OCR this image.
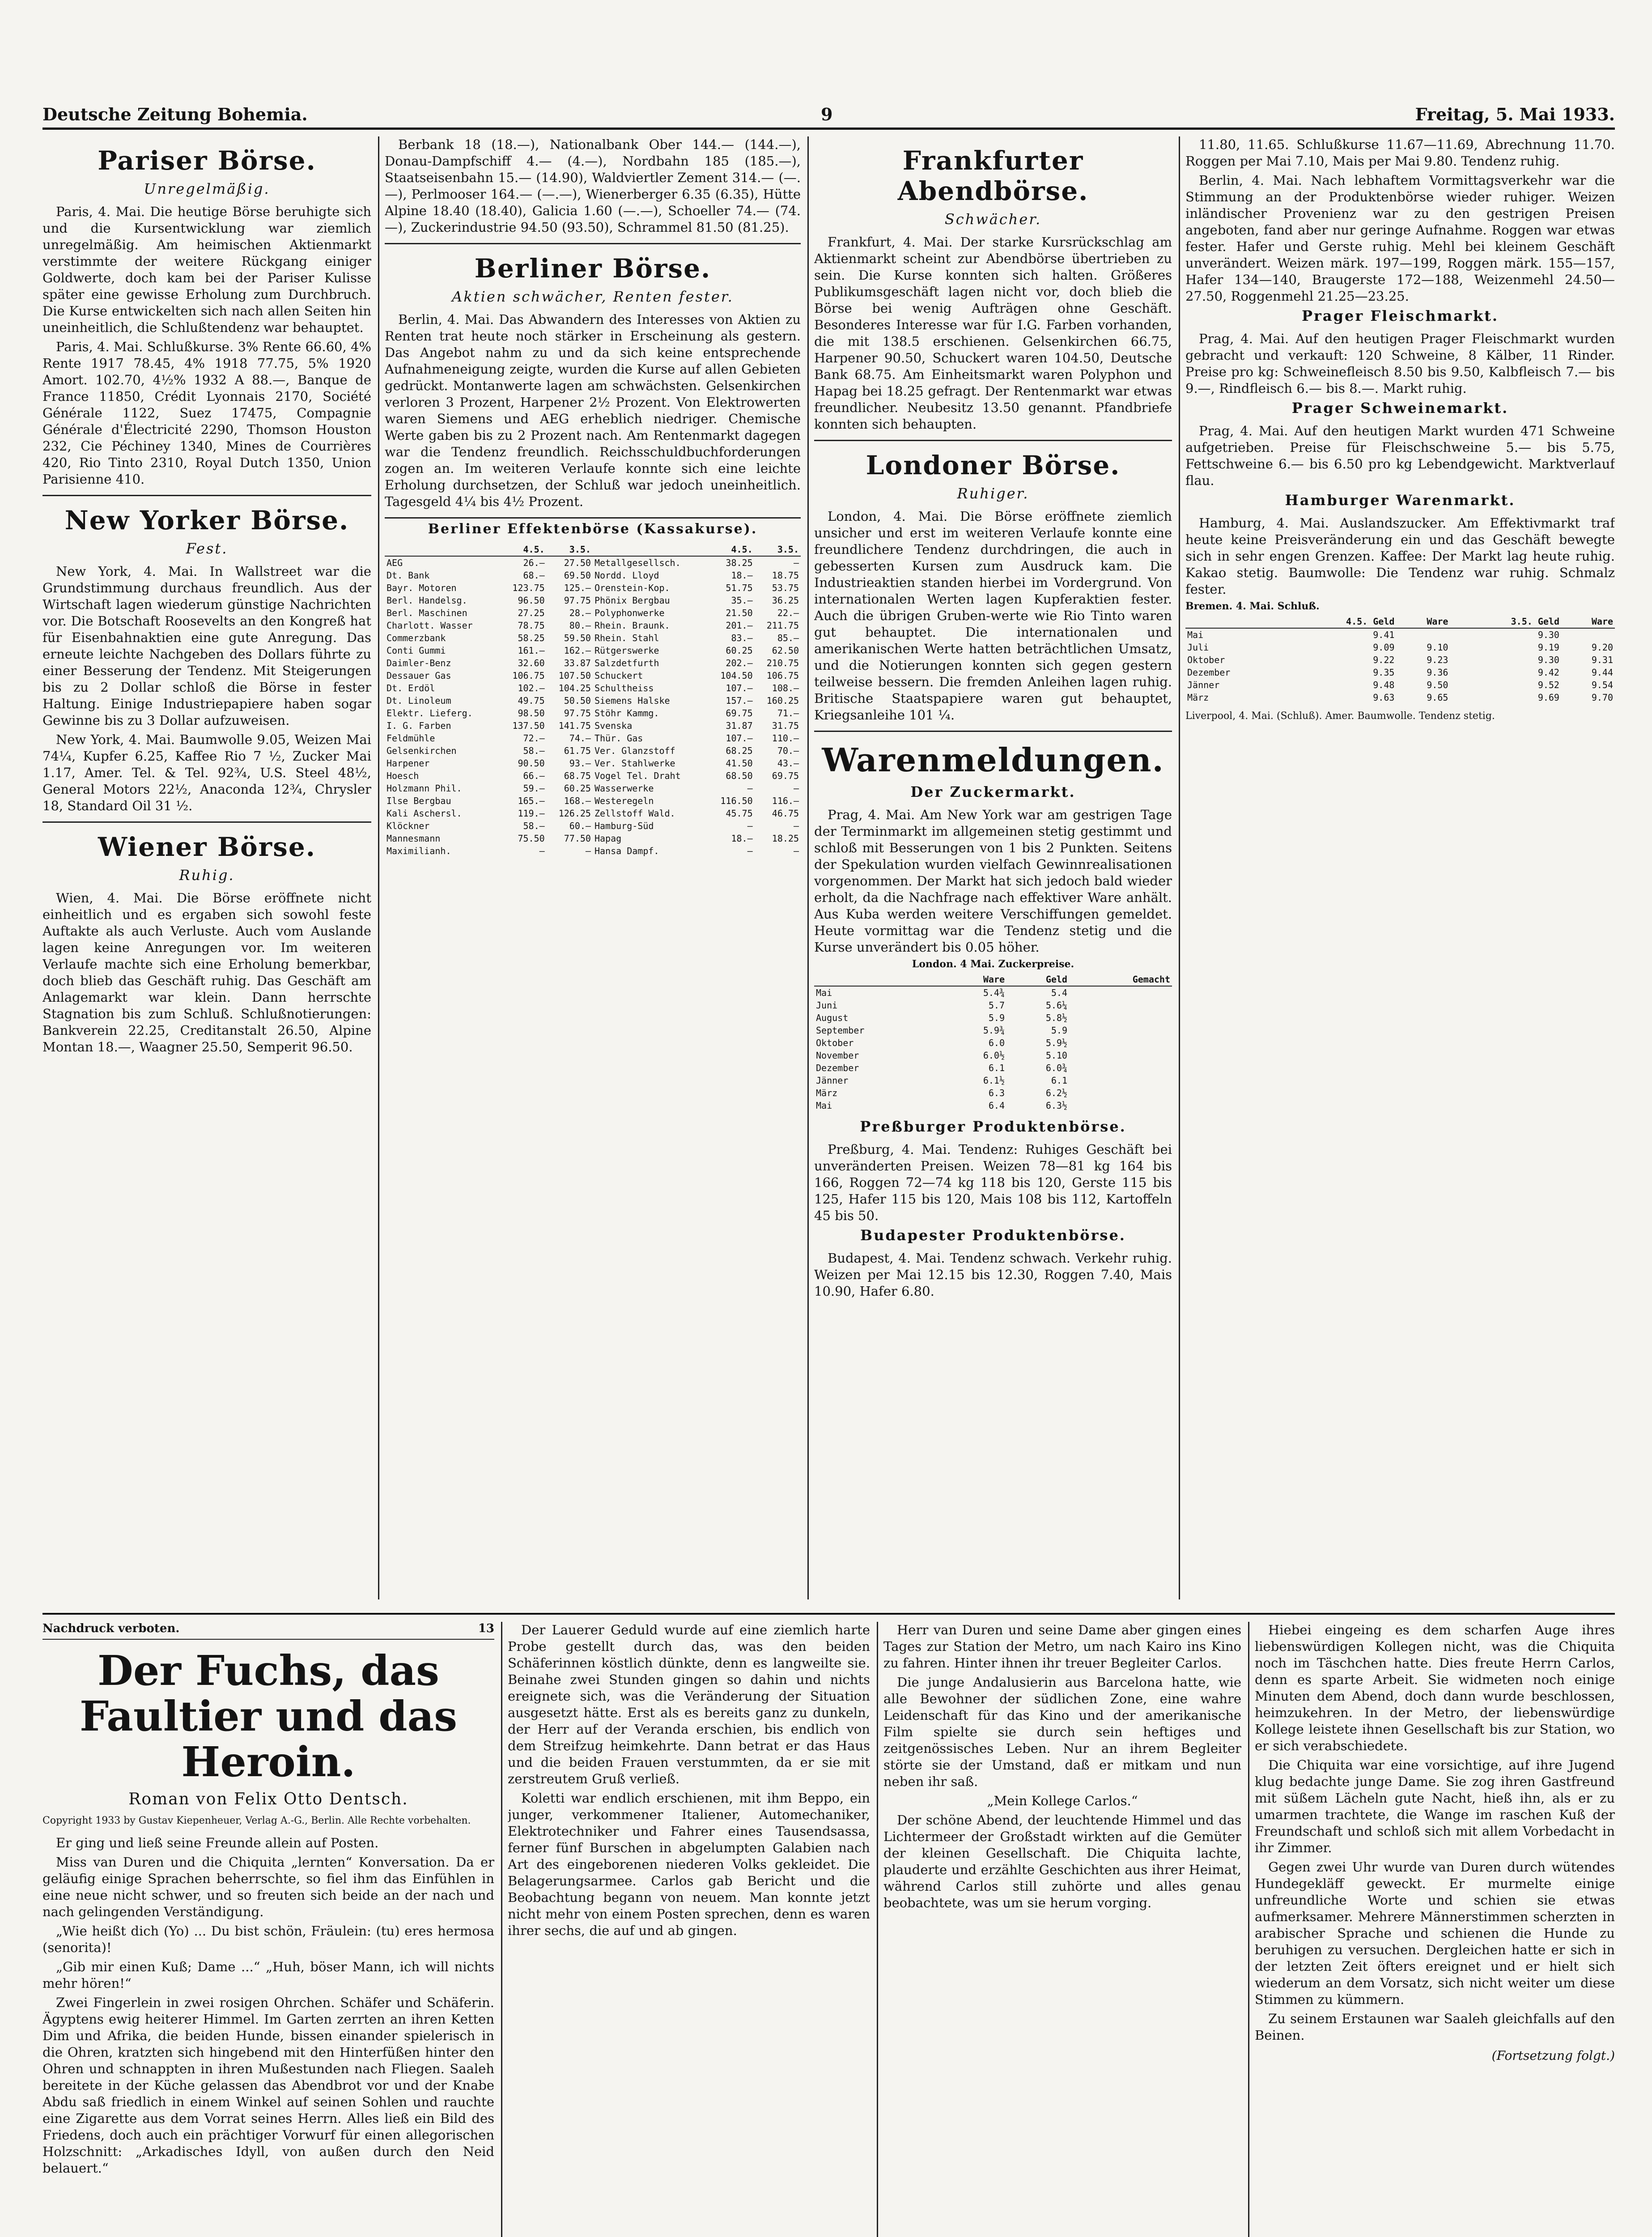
Deutsche Zeitung Bohemia.	9	Freitag, 5. Mai 1933.
Pariser Börse.
Unregelmäßig.

Paris, 4. Mai. Die heutige Börse beruhigte sich und die Kursentwicklung war ziemlich unregelmäßig. Am heimischen Aktienmarkt verstimmte der weitere Rückgang einiger Goldwerte, doch kam bei der Pariser Kulisse später eine gewisse Erholung zum Durchbruch. Die Kurse entwickelten sich nach allen Seiten hin uneinheitlich, die Schlußtendenz war behauptet.

Paris, 4. Mai. Schlußkurse. 3% Rente 66.60, 4% Rente 1917 78.45, 4% 1918 77.75, 5% 1920 Amort. 102.70, 4½% 1932 A 88.—, Banque de France 11850, Crédit Lyonnais 2170, Société Générale 1122, Suez 17475, Compagnie Générale d'Électricité 2290, Thomson Houston 232, Cie Péchiney 1340, Mines de Courrières 420, Rio Tinto 2310, Royal Dutch 1350, Union Parisienne 410.

New Yorker Börse.
Fest.

New York, 4. Mai. In Wallstreet war die Grundstimmung durchaus freundlich. Aus der Wirtschaft lagen wiederum günstige Nachrichten vor. Die Botschaft Roosevelts an den Kongreß hat für Eisenbahnaktien eine gute Anregung. Das erneute leichte Nachgeben des Dollars führte zu einer Besserung der Tendenz. Mit Steigerungen bis zu 2 Dollar schloß die Börse in fester Haltung. Einige Industriepapiere haben sogar Gewinne bis zu 3 Dollar aufzuweisen.

New York, 4. Mai. Baumwolle 9.05, Weizen Mai 74¼, Kupfer 6.25, Kaffee Rio 7 ½, Zucker Mai 1.17, Amer. Tel. & Tel. 92¾, U.S. Steel 48½, General Motors 22½, Anaconda 12¾, Chrysler 18, Standard Oil 31 ½.

Wiener Börse.
Ruhig.

Wien, 4. Mai. Die Börse eröffnete nicht einheitlich und es ergaben sich sowohl feste Auftakte als auch Verluste. Auch vom Auslande lagen keine Anregungen vor. Im weiteren Verlaufe machte sich eine Erholung bemerkbar, doch blieb das Geschäft ruhig. Das Geschäft am Anlagemarkt war klein. Dann herrschte Stagnation bis zum Schluß. Schlußnotierungen: Bankverein 22.25, Creditanstalt 26.50, Alpine Montan 18.—, Waagner 25.50, Semperit 96.50.

Berbank 18 (18.—), Nationalbank Ober 144.— (144.—), Donau-Dampfschiff 4.— (4.—), Nordbahn 185 (185.—), Staatseisenbahn 15.— (14.90), Waldviertler Zement 314.— (—.—), Perlmooser 164.— (—.—), Wienerberger 6.35 (6.35), Hütte Alpine 18.40 (18.40), Galicia 1.60 (—.—), Schoeller 74.— (74.—), Zuckerindustrie 94.50 (93.50), Schrammel 81.50 (81.25).

Berliner Börse.
Aktien schwächer, Renten fester.

Berlin, 4. Mai. Das Abwandern des Interesses von Aktien zu Renten trat heute noch stärker in Erscheinung als gestern. Das Angebot nahm zu und da sich keine entsprechende Aufnahmeneigung zeigte, wurden die Kurse auf allen Gebieten gedrückt. Montanwerte lagen am schwächsten. Gelsenkirchen verloren 3 Prozent, Harpener 2½ Prozent. Von Elektrowerten waren Siemens und AEG erheblich niedriger. Chemische Werte gaben bis zu 2 Prozent nach. Am Rentenmarkt dagegen war die Tendenz freundlich. Reichsschuldbuchforderungen zogen an. Im weiteren Verlaufe konnte sich eine leichte Erholung durchsetzen, der Schluß war jedoch uneinheitlich. Tagesgeld 4¼ bis 4½ Prozent.

Berliner Effektenbörse (Kassakurse).
	4.5.	3.5.		4.5.	3.5.
AEG	26.—	27.50	Metallgesellsch.	38.25	—
Dt. Bank	68.—	69.50	Nordd. Lloyd	18.—	18.75
Bayr. Motoren	123.75	125.—	Orenstein-Kop.	51.75	53.75
Berl. Handelsg.	96.50	97.75	Phönix Bergbau	35.—	36.25
Berl. Maschinen	27.25	28.—	Polyphonwerke	21.50	22.—
Charlott. Wasser	78.75	80.—	Rhein. Braunk.	201.—	211.75
Commerzbank	58.25	59.50	Rhein. Stahl	83.—	85.—
Conti Gummi	161.—	162.—	Rütgerswerke	60.25	62.50
Daimler-Benz	32.60	33.87	Salzdetfurth	202.—	210.75
Dessauer Gas	106.75	107.50	Schuckert	104.50	106.75
Dt. Erdöl	102.—	104.25	Schultheiss	107.—	108.—
Dt. Linoleum	49.75	50.50	Siemens Halske	157.—	160.25
Elektr. Lieferg.	98.50	97.75	Stöhr Kammg.	69.75	71.—
I. G. Farben	137.50	141.75	Svenska	31.87	31.75
Feldmühle	72.—	74.—	Thür. Gas	107.—	110.—
Gelsenkirchen	58.—	61.75	Ver. Glanzstoff	68.25	70.—
Harpener	90.50	93.—	Ver. Stahlwerke	41.50	43.—
Hoesch	66.—	68.75	Vogel Tel. Draht	68.50	69.75
Holzmann Phil.	59.—	60.25	Wasserwerke	—	—
Ilse Bergbau	165.—	168.—	Westeregeln	116.50	116.—
Kali Aschersl.	119.—	126.25	Zellstoff Wald.	45.75	46.75
Klöckner	58.—	60.—	Hamburg-Süd	—	—
Mannesmann	75.50	77.50	Hapag	18.—	18.25
Maximilianh.	—	—	Hansa Dampf.	—	—
Frankfurter Abendbörse.
Schwächer.

Frankfurt, 4. Mai. Der starke Kursrückschlag am Aktienmarkt scheint zur Abendbörse übertrieben zu sein. Die Kurse konnten sich halten. Größeres Publikumsgeschäft lagen nicht vor, doch blieb die Börse bei wenig Aufträgen ohne Geschäft. Besonderes Interesse war für I.G. Farben vorhanden, die mit 138.5 erschienen. Gelsenkirchen 66.75, Harpener 90.50, Schuckert waren 104.50, Deutsche Bank 68.75. Am Einheitsmarkt waren Polyphon und Hapag bei 18.25 gefragt. Der Rentenmarkt war etwas freundlicher. Neubesitz 13.50 genannt. Pfandbriefe konnten sich behaupten.

Londoner Börse.
Ruhiger.

London, 4. Mai. Die Börse eröffnete ziemlich unsicher und erst im weiteren Verlaufe konnte eine freundlichere Tendenz durchdringen, die auch in gebesserten Kursen zum Ausdruck kam. Die Industrieaktien standen hierbei im Vordergrund. Von internationalen Werten lagen Kupferaktien fester. Auch die übrigen Gruben-werte wie Rio Tinto waren gut behauptet. Die internationalen und amerikanischen Werte hatten beträchtlichen Umsatz, und die Notierungen konnten sich gegen gestern teilweise bessern. Die fremden Anleihen lagen ruhig. Britische Staatspapiere waren gut behauptet, Kriegsanleihe 101 ¼.

Warenmeldungen.
Der Zuckermarkt.

Prag, 4. Mai. Am New York war am gestrigen Tage der Terminmarkt im allgemeinen stetig gestimmt und schloß mit Besserungen von 1 bis 2 Punkten. Seitens der Spekulation wurden vielfach Gewinnrealisationen vorgenommen. Der Markt hat sich jedoch bald wieder erholt, da die Nachfrage nach effektiver Ware anhält. Aus Kuba werden weitere Verschiffungen gemeldet. Heute vormittag war die Tendenz stetig und die Kurse unverändert bis 0.05 höher.

London. 4 Mai. Zuckerpreise.

	Ware	Geld	Gemacht
Mai	5.4¾	5.4	
Juni	5.7	5.6¼	
August	5.9	5.8½	
September	5.9¾	5.9	
Oktober	6.0	5.9½	
November	6.0½	5.10	
Dezember	6.1	6.0¾	
Jänner	6.1½	6.1	
März	6.3	6.2½	
Mai	6.4	6.3½	
Preßburger Produktenbörse.

Preßburg, 4. Mai. Tendenz: Ruhiges Geschäft bei unveränderten Preisen. Weizen 78—81 kg 164 bis 166, Roggen 72—74 kg 118 bis 120, Gerste 115 bis 125, Hafer 115 bis 120, Mais 108 bis 112, Kartoffeln 45 bis 50.

Budapester Produktenbörse.

Budapest, 4. Mai. Tendenz schwach. Verkehr ruhig. Weizen per Mai 12.15 bis 12.30, Roggen 7.40, Mais 10.90, Hafer 6.80.

11.80, 11.65. Schlußkurse 11.67—11.69, Abrechnung 11.70. Roggen per Mai 7.10, Mais per Mai 9.80. Tendenz ruhig.

Berlin, 4. Mai. Nach lebhaftem Vormittagsverkehr war die Stimmung an der Produktenbörse wieder ruhiger. Weizen inländischer Provenienz war zu den gestrigen Preisen angeboten, fand aber nur geringe Aufnahme. Roggen war etwas fester. Hafer und Gerste ruhig. Mehl bei kleinem Geschäft unverändert. Weizen märk. 197—199, Roggen märk. 155—157, Hafer 134—140, Braugerste 172—188, Weizenmehl 24.50—27.50, Roggenmehl 21.25—23.25.

Prager Fleischmarkt.

Prag, 4. Mai. Auf den heutigen Prager Fleischmarkt wurden gebracht und verkauft: 120 Schweine, 8 Kälber, 11 Rinder. Preise pro kg: Schweinefleisch 8.50 bis 9.50, Kalbfleisch 7.— bis 9.—, Rindfleisch 6.— bis 8.—. Markt ruhig.

Prager Schweinemarkt.

Prag, 4. Mai. Auf den heutigen Markt wurden 471 Schweine aufgetrieben. Preise für Fleischschweine 5.— bis 5.75, Fettschweine 6.— bis 6.50 pro kg Lebendgewicht. Marktverlauf flau.

Hamburger Warenmarkt.

Hamburg, 4. Mai. Auslandszucker. Am Effektivmarkt traf heute keine Preisveränderung ein und das Geschäft bewegte sich in sehr engen Grenzen. Kaffee: Der Markt lag heute ruhig. Kakao stetig. Baumwolle: Die Tendenz war ruhig. Schmalz fester.

Bremen. 4. Mai. Schluß.

	4.5. Geld	Ware	3.5. Geld	Ware
Mai	9.41		9.30	
Juli	9.09	9.10	9.19	9.20
Oktober	9.22	9.23	9.30	9.31
Dezember	9.35	9.36	9.42	9.44
Jänner	9.48	9.50	9.52	9.54
März	9.63	9.65	9.69	9.70

Liverpool, 4. Mai. (Schluß). Amer. Baumwolle. Tendenz stetig.

Nachdruck verboten.	13
Der Fuchs, das Faultier und das Heroin.
Roman von Felix Otto Dentsch.
Copyright 1933 by Gustav Kiepenheuer, Verlag A.-G., Berlin. Alle Rechte vorbehalten.

Er ging und ließ seine Freunde allein auf Posten.

Miss van Duren und die Chiquita „lernten“ Konversation. Da er geläufig einige Sprachen beherrschte, so fiel ihm das Einfühlen in eine neue nicht schwer, und so freuten sich beide an der nach und nach gelingenden Verständigung.

„Wie heißt dich (Yo) ... Du bist schön, Fräulein: (tu) eres hermosa (senorita)!

„Gib mir einen Kuß; Dame ...“ „Huh, böser Mann, ich will nichts mehr hören!“

Zwei Fingerlein in zwei rosigen Ohrchen. Schäfer und Schäferin. Ägyptens ewig heiterer Himmel. Im Garten zerrten an ihren Ketten Dim und Afrika, die beiden Hunde, bissen einander spielerisch in die Ohren, kratzten sich hingebend mit den Hinterfüßen hinter den Ohren und schnappten in ihren Mußestunden nach Fliegen. Saaleh bereitete in der Küche gelassen das Abendbrot vor und der Knabe Abdu saß friedlich in einem Winkel auf seinen Sohlen und rauchte eine Zigarette aus dem Vorrat seines Herrn. Alles ließ ein Bild des Friedens, doch auch ein prächtiger Vorwurf für einen allegorischen Holzschnitt: „Arkadisches Idyll, von außen durch den Neid belauert.“

Der Lauerer Geduld wurde auf eine ziemlich harte Probe gestellt durch das, was den beiden Schäferinnen köstlich dünkte, denn es langweilte sie. Beinahe zwei Stunden gingen so dahin und nichts ereignete sich, was die Veränderung der Situation ausgesetzt hätte. Erst als es bereits ganz zu dunkeln, der Herr auf der Veranda erschien, bis endlich von dem Streifzug heimkehrte. Dann betrat er das Haus und die beiden Frauen verstummten, da er sie mit zerstreutem Gruß verließ.

Koletti war endlich erschienen, mit ihm Beppo, ein junger, verkommener Italiener, Automechaniker, Elektrotechniker und Fahrer eines Tausendsassa, ferner fünf Burschen in abgelumpten Galabien nach Art des eingeborenen niederen Volks gekleidet. Die Belagerungsarmee. Carlos gab Bericht und die Beobachtung begann von neuem. Man konnte jetzt nicht mehr von einem Posten sprechen, denn es waren ihrer sechs, die auf und ab gingen.

Herr van Duren und seine Dame aber gingen eines Tages zur Station der Metro, um nach Kairo ins Kino zu fahren. Hinter ihnen ihr treuer Begleiter Carlos.

Die junge Andalusierin aus Barcelona hatte, wie alle Bewohner der südlichen Zone, eine wahre Leidenschaft für das Kino und der amerikanische Film spielte sie durch sein heftiges und zeitgenössisches Leben. Nur an ihrem Begleiter störte sie der Umstand, daß er mitkam und nun neben ihr saß.

„Mein Kollege Carlos.“

Der schöne Abend, der leuchtende Himmel und das Lichtermeer der Großstadt wirkten auf die Gemüter der kleinen Gesellschaft. Die Chiquita lachte, plauderte und erzählte Geschichten aus ihrer Heimat, während Carlos still zuhörte und alles genau beobachtete, was um sie herum vorging.

Hiebei eingeing es dem scharfen Auge ihres liebenswürdigen Kollegen nicht, was die Chiquita noch im Täschchen hatte. Dies freute Herrn Carlos, denn es sparte Arbeit. Sie widmeten noch einige Minuten dem Abend, doch dann wurde beschlossen, heimzukehren. In der Metro, der liebenswürdige Kollege leistete ihnen Gesellschaft bis zur Station, wo er sich verabschiedete.

Die Chiquita war eine vorsichtige, auf ihre Jugend klug bedachte junge Dame. Sie zog ihren Gastfreund mit süßem Lächeln gute Nacht, hieß ihn, als er zu umarmen trachtete, die Wange im raschen Kuß der Freundschaft und schloß sich mit allem Vorbedacht in ihr Zimmer.

Gegen zwei Uhr wurde van Duren durch wütendes Hundegekläff geweckt. Er murmelte einige unfreundliche Worte und schien sie etwas aufmerksamer. Mehrere Männerstimmen scherzten in arabischer Sprache und schienen die Hunde zu beruhigen zu versuchen. Dergleichen hatte er sich in der letzten Zeit öfters ereignet und er hielt sich wiederum an dem Vorsatz, sich nicht weiter um diese Stimmen zu kümmern.

Zu seinem Erstaunen war Saaleh gleichfalls auf den Beinen.

(Fortsetzung folgt.)
